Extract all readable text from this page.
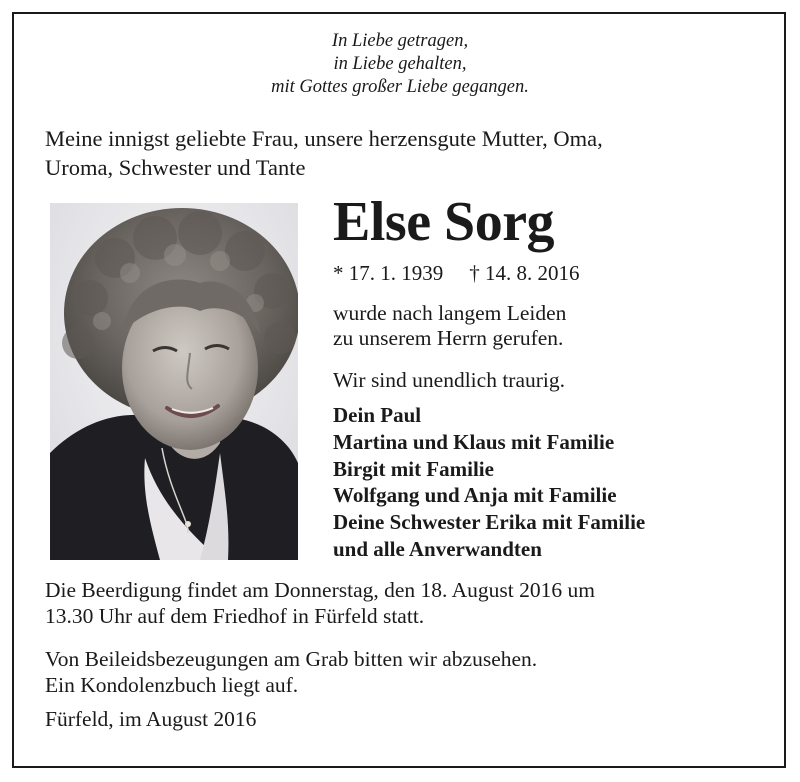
In Liebe getragen,
in Liebe gehalten,
mit Gottes großer Liebe gegangen.
Meine innigst geliebte Frau, unsere herzensgute Mutter, Oma,
Uroma, Schwester und Tante
Else Sorg
* 17. 1. 1939 † 14. 8. 2016
wurde nach langem Leiden
zu unserem Herrn gerufen.
Wir sind unendlich traurig.
Dein Paul
Martina und Klaus mit Familie
Birgit mit Familie
Wolfgang und Anja mit Familie
Deine Schwester Erika mit Familie
und alle Anverwandten
Die Beerdigung findet am Donnerstag, den 18. August 2016 um
13.30 Uhr auf dem Friedhof in Fürfeld statt.
Von Beileidsbezeugungen am Grab bitten wir abzusehen.
Ein Kondolenzbuch liegt auf.
Fürfeld, im August 2016
